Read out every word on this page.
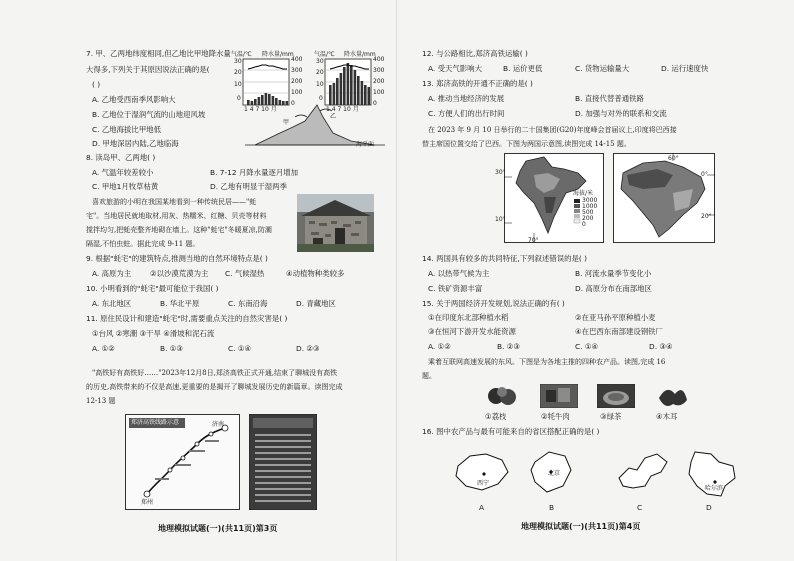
7. 甲、乙两地纬度相同,但乙地比甲地降水量
大得多,下列关于其原因说法正确的是(
( )
A. 乙地受西南季风影响大
B. 乙地位于湿润气流的山地迎风坡
C. 乙地海拔比甲地低
D. 甲地深居内陆,乙地临海
气温/℃ 降水量/mm	气温/℃ 降水量/mm
30
20
10
0
400
300
200
100
0
30
20
10
0
400
300
200
100
0
1 4 7 10 月	1 4 7 10 月
甲
乙
海平面
8. 读岛甲、乙两地( )
A. 气温年较差较小	B. 7-12 月降水量逐月增加
C. 甲地1月牧草枯黄	D. 乙地有明显干湿两季
喜欢旅游的小明在我国某地看到一种传统民居——"蚝
宅"。当地居民就地取材,用灰、热糯米、红糖、贝壳等材料
搅拌均匀,把蚝壳整齐地砌在墙上。这种"蚝宅"冬暖夏凉,防潮
隔湿,不怕虫蛀。据此完成 9-11 题。
9. 根据"蚝宅"的建筑特点,推测当地的自然环境特点是( )
A. 高原为主	②以沙漠荒漠为主 C. 气候湿热	④动植物种类较多
10. 小明看到的"蚝宅"最可能位于我国( )
A. 东北地区	B. 华北平原	C. 东南沿海	D. 青藏地区
11. 原住民设计和建造"蚝宅"时,需要重点关注的自然灾害是( )
①台风 ②寒潮 ③干旱 ④滑坡和泥石流
A. ①②	B. ①③	C. ①④	D. ②③
"高铁好有高铁好……"2023年12月8日,郑济高铁正式开通,结束了聊城没有高铁
的历史,高铁带来的不仅是高速,更重要的是揭开了聊城发展历史的新篇章。读图完成
12-13 题
济南
郑州
郑济高铁线路示意
地理模拟试题(一)(共11页)第3页
12. 与公路相比,郑济高铁运输( )
A. 受天气影响大	B. 运价更低	C. 货物运输量大	D. 运行速度快
13. 郑济高铁的开通不正确的是( )
A. 推动当地经济的发展	B. 直接代替普通铁路
C. 方便人们的出行时间	D. 加强与对外的联系和交流
在 2023 年 9 月 10 日举行的二十国集团(G20)年度峰会首届议上,印度将巴西接
替主席国位置交给了巴西。下图为两国示意图,读图完成 14-15 题。
30°
10°
70°
海拔/米
3000
1000
500
200
0
0°
20°
60°
14. 两国具有较多的共同特征,下列叙述错误的是( )
A. 以热带气候为主	B. 河流水量季节变化小
C. 铁矿资源丰富	D. 高原分布在南部地区
15. 关于两国经济开发规划,说法正确的有( )
①在印度东北部种植水稻	②在亚马孙平原种植小麦
③在恒河下游开发水能资源	④在巴西东南部建设钢铁厂
A. ①②	B. ②③	C. ①④	D. ③④
乘着互联网高速发展的东风。下图是为各地主推的四种农产品。读图,完成 16
题。
①荔枝	②牦牛肉	③绿茶	④木耳
16. 图中农产品与最有可能来自的省区搭配正确的是( )
西宁
北京
哈尔滨
A	B	C	D
地理模拟试题(一)(共11页)第4页
